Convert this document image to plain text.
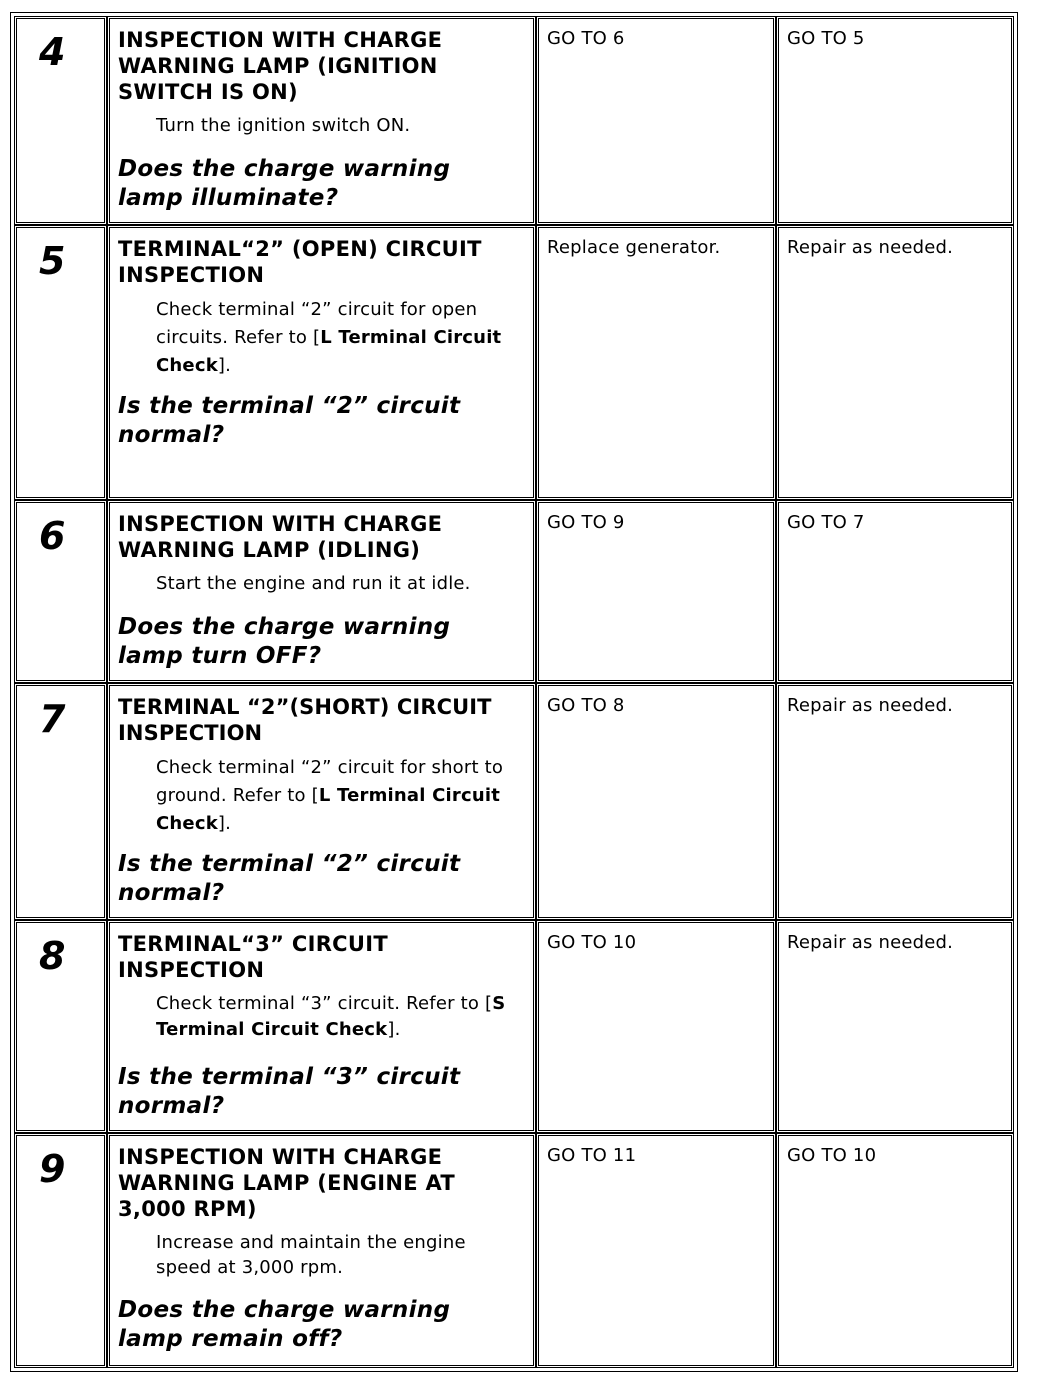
4	INSPECTION WITH CHARGE WARNING LAMP (IGNITION SWITCH IS ON)
Turn the ignition switch ON.
Does the charge warning lamp illuminate?
GO TO 6	GO TO 5
5	TERMINAL“2” (OPEN) CIRCUIT INSPECTION
Check terminal “2” circuit for open circuits. Refer to [L Terminal Circuit Check].
Is the terminal “2” circuit normal?
Replace generator.	Repair as needed.
6	INSPECTION WITH CHARGE WARNING LAMP (IDLING)
Start the engine and run it at idle.
Does the charge warning lamp turn OFF?
GO TO 9	GO TO 7
7	TERMINAL “2”(SHORT) CIRCUIT INSPECTION
Check terminal “2” circuit for short to ground. Refer to [L Terminal Circuit Check].
Is the terminal “2” circuit normal?
GO TO 8	Repair as needed.
8	TERMINAL“3” CIRCUIT INSPECTION
Check terminal “3” circuit. Refer to [S Terminal Circuit Check].
Is the terminal “3” circuit normal?
GO TO 10	Repair as needed.
9	INSPECTION WITH CHARGE WARNING LAMP (ENGINE AT 3,000 RPM)
Increase and maintain the engine speed at 3,000 rpm.
Does the charge warning lamp remain off?
GO TO 11	GO TO 10
